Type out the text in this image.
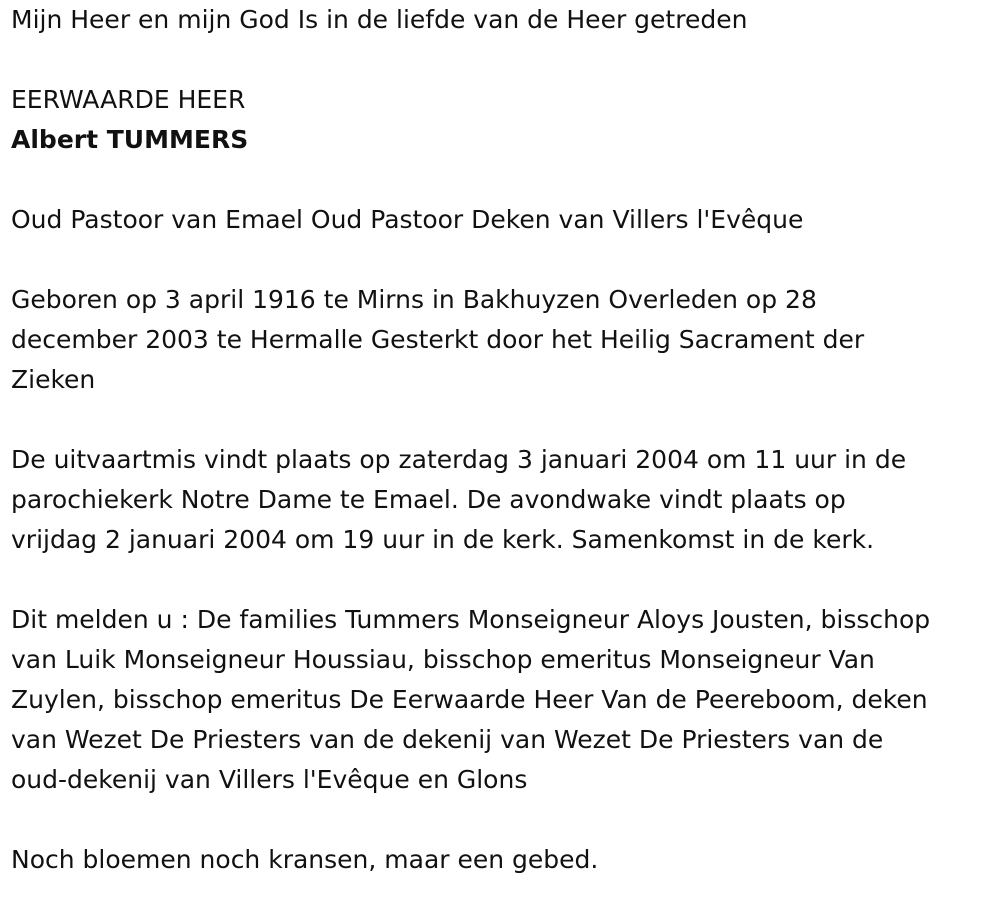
Mijn Heer en mijn God Is in de liefde van de Heer getreden

EERWAARDE HEER

Albert TUMMERS

Oud Pastoor van Emael Oud Pastoor Deken van Villers l'Evêque

Geboren op 3 april 1916 te Mirns in Bakhuyzen Overleden op 28

december 2003 te Hermalle Gesterkt door het Heilig Sacrament der

Zieken

De uitvaartmis vindt plaats op zaterdag 3 januari 2004 om 11 uur in de

parochiekerk Notre Dame te Emael. De avondwake vindt plaats op

vrijdag 2 januari 2004 om 19 uur in de kerk. Samenkomst in de kerk.

Dit melden u : De families Tummers Monseigneur Aloys Jousten, bisschop

van Luik Monseigneur Houssiau, bisschop emeritus Monseigneur Van

Zuylen, bisschop emeritus De Eerwaarde Heer Van de Peereboom, deken

van Wezet De Priesters van de dekenij van Wezet De Priesters van de

oud-dekenij van Villers l'Evêque en Glons

Noch bloemen noch kransen, maar een gebed.
